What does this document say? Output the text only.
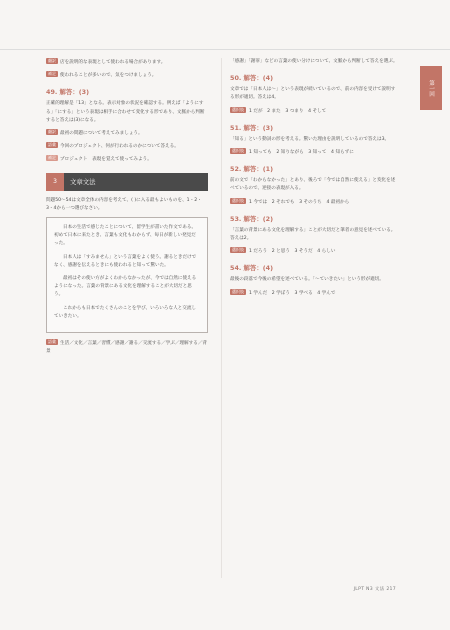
第一回
翻訳 店を説明的な表現として使われる場合があります。
補足 使われることが多いので、気をつけましょう。
49. 解答：(3)
正確的理解是「13」となる。表示対象の状況を確認する。例えば「ようにする」「にする」という表現は相手に合わせて変化する形であり、文脈から判断すると答えは(3)になる。
翻訳 最初の問題について考えてみましょう。
語彙 今回のプロジェクト、何が行われるのかについて答える。
補足 プロジェクト　表現を覚えて使ってみよう。
3	文章文法
問題50〜54は文章全体の内容を考えて、( )に入る最もよいものを、1・2・3・4から一つ選びなさい。

日本の生活で感じたことについて、留学生が書いた作文である。初めて日本に来たとき、言葉も文化もわからず、毎日が新しい発見だった。

日本人は「すみません」という言葉をよく使う。謝るときだけでなく、感謝を伝えるときにも使われると知って驚いた。

最初はその使い方がよくわからなかったが、今では自然に使えるようになった。言葉の背景にある文化を理解することが大切だと思う。

これからも日本でたくさんのことを学び、いろいろな人と交流していきたい。

語彙 生活／文化／言葉／習慣／感謝／謝る／交流する／学ぶ／理解する／背景
「感謝」「謝罪」などの言葉の使い分けについて、文脈から判断して答えを選ぶ。
50. 解答：(4)
文章では「日本人は〜」という表現が続いているので、前の内容を受けて説明する形が適切。答えは4。
選択肢 1 だが　2 また　3 つまり　4 そして
51. 解答：(3)
「知る」という動詞の形を考える。驚いた理由を説明しているので答えは3。
選択肢 1 知っても　2 知りながら　3 知って　4 知らずに
52. 解答：(1)
前の文で「わからなかった」とあり、後ろで「今では自然に使える」と変化を述べているので、逆接の表現が入る。
選択肢 1 今では　2 それでも　3 そのうち　4 最初から
53. 解答：(2)
「言葉の背景にある文化を理解する」ことが大切だと筆者の意見を述べている。答えは2。
選択肢 1 だろう　2 と思う　3 そうだ　4 らしい
54. 解答：(4)
最後の段落で今後の希望を述べている。「〜ていきたい」という形が適切。
選択肢 1 学んだ　2 学ぼう　3 学べる　4 学んで
JLPT N3 文法 217
